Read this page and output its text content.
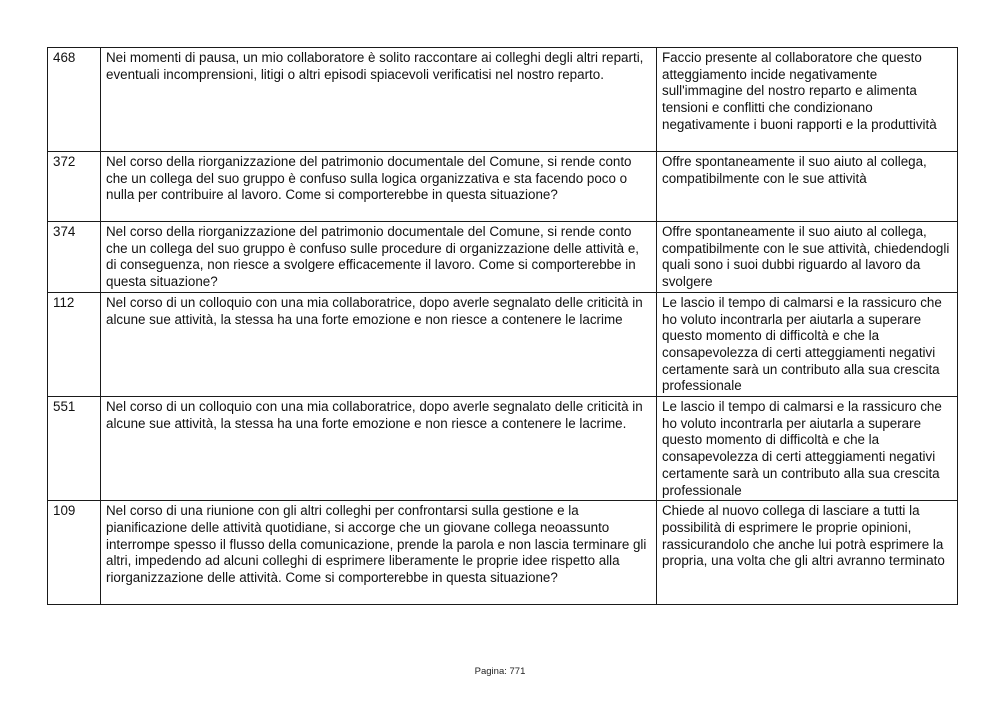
468	Nei momenti di pausa, un mio collaboratore è solito raccontare ai colleghi degli altri reparti, eventuali incomprensioni, litigi o altri episodi spiacevoli verificatisi nel nostro reparto.	Faccio presente al collaboratore che questo atteggiamento incide negativamente sull'immagine del nostro reparto e alimenta tensioni e conflitti che condizionano negativamente i buoni rapporti e la produttività
372	Nel corso della riorganizzazione del patrimonio documentale del Comune, si rende conto che un collega del suo gruppo è confuso sulla logica organizzativa e sta facendo poco o nulla per contribuire al lavoro. Come si comporterebbe in questa situazione?	Offre spontaneamente il suo aiuto al collega, compatibilmente con le sue attività
374	Nel corso della riorganizzazione del patrimonio documentale del Comune, si rende conto che un collega del suo gruppo è confuso sulle procedure di organizzazione delle attività e, di conseguenza, non riesce a svolgere efficacemente il lavoro. Come si comporterebbe in questa situazione?	Offre spontaneamente il suo aiuto al collega, compatibilmente con le sue attività, chiedendogli quali sono i suoi dubbi riguardo al lavoro da svolgere
112	Nel corso di un colloquio con una mia collaboratrice, dopo averle segnalato delle criticità in alcune sue attività, la stessa ha una forte emozione e non riesce a contenere le lacrime	Le lascio il tempo di calmarsi e la rassicuro che ho voluto incontrarla per aiutarla a superare questo momento di difficoltà e che la consapevolezza di certi atteggiamenti negativi certamente sarà un contributo alla sua crescita professionale
551	Nel corso di un colloquio con una mia collaboratrice, dopo averle segnalato delle criticità in alcune sue attività, la stessa ha una forte emozione e non riesce a contenere le lacrime.	Le lascio il tempo di calmarsi e la rassicuro che ho voluto incontrarla per aiutarla a superare questo momento di difficoltà e che la consapevolezza di certi atteggiamenti negativi certamente sarà un contributo alla sua crescita professionale
109	Nel corso di una riunione con gli altri colleghi per confrontarsi sulla gestione e la pianificazione delle attività quotidiane, si accorge che un giovane collega neoassunto interrompe spesso il flusso della comunicazione, prende la parola e non lascia terminare gli altri, impedendo ad alcuni colleghi di esprimere liberamente le proprie idee rispetto alla riorganizzazione delle attività. Come si comporterebbe in questa situazione?	Chiede al nuovo collega di lasciare a tutti la possibilità di esprimere le proprie opinioni, rassicurandolo che anche lui potrà esprimere la propria, una volta che gli altri avranno terminato
Pagina: 771
